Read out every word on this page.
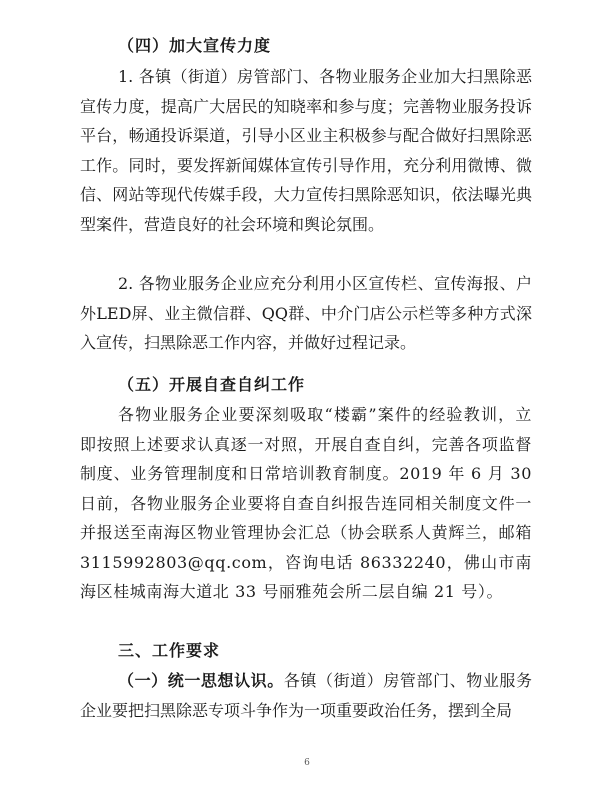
（四）加大宣传力度

1. 各镇（街道）房管部门、各物业服务企业加大扫黑除恶宣传力度，提高广大居民的知晓率和参与度；完善物业服务投诉平台，畅通投诉渠道，引导小区业主积极参与配合做好扫黑除恶工作。同时，要发挥新闻媒体宣传引导作用，充分利用微博、微信、网站等现代传媒手段，大力宣传扫黑除恶知识，依法曝光典型案件，营造良好的社会环境和舆论氛围。

2. 各物业服务企业应充分利用小区宣传栏、宣传海报、户外LED屏、业主微信群、QQ群、中介门店公示栏等多种方式深入宣传，扫黑除恶工作内容，并做好过程记录。

（五）开展自查自纠工作

各物业服务企业要深刻吸取“楼霸”案件的经验教训，立即按照上述要求认真逐一对照，开展自查自纠，完善各项监督制度、业务管理制度和日常培训教育制度。2019 年 6 月 30 日前，各物业服务企业要将自查自纠报告连同相关制度文件一并报送至南海区物业管理协会汇总（协会联系人黄辉兰，邮箱3115992803@qq.com，咨询电话 86332240，佛山市南海区桂城南海大道北 33 号丽雅苑会所二层自编 21 号）。

三、工作要求

（一）统一思想认识。各镇（街道）房管部门、物业服务企业要把扫黑除恶专项斗争作为一项重要政治任务，摆到全局

6
